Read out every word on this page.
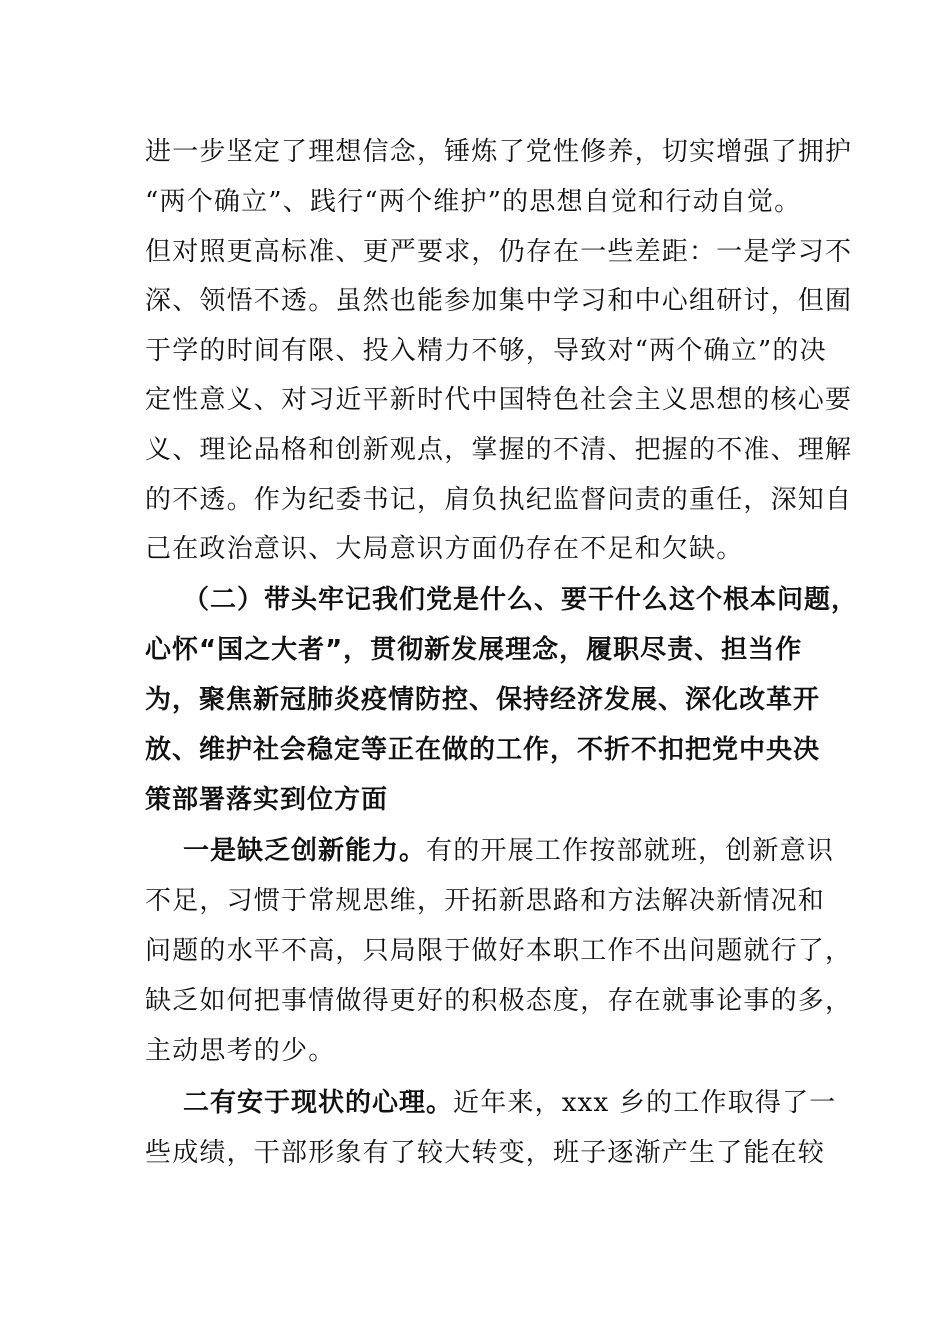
进一步坚定了理想信念，锤炼了党性修养，切实增强了拥护
“两个确立”、践行“两个维护”的思想自觉和行动自觉。
但对照更高标准、更严要求，仍存在一些差距：一是学习不
深、领悟不透。虽然也能参加集中学习和中心组研讨，但囿
于学的时间有限、投入精力不够，导致对“两个确立”的决
定性意义、对习近平新时代中国特色社会主义思想的核心要
义、理论品格和创新观点，掌握的不清、把握的不准、理解
的不透。作为纪委书记，肩负执纪监督问责的重任，深知自
己在政治意识、大局意识方面仍存在不足和欠缺。
（二）带头牢记我们党是什么、要干什么这个根本问题，
心怀“国之大者”，贯彻新发展理念，履职尽责、担当作
为，聚焦新冠肺炎疫情防控、保持经济发展、深化改革开
放、维护社会稳定等正在做的工作，不折不扣把党中央决
策部署落实到位方面
一是缺乏创新能力。有的开展工作按部就班，创新意识
不足，习惯于常规思维，开拓新思路和方法解决新情况和
问题的水平不高，只局限于做好本职工作不出问题就行了，
缺乏如何把事情做得更好的积极态度，存在就事论事的多，
主动思考的少。
二有安于现状的心理。近年来，xxx 乡的工作取得了一
些成绩，干部形象有了较大转变，班子逐渐产生了能在较
